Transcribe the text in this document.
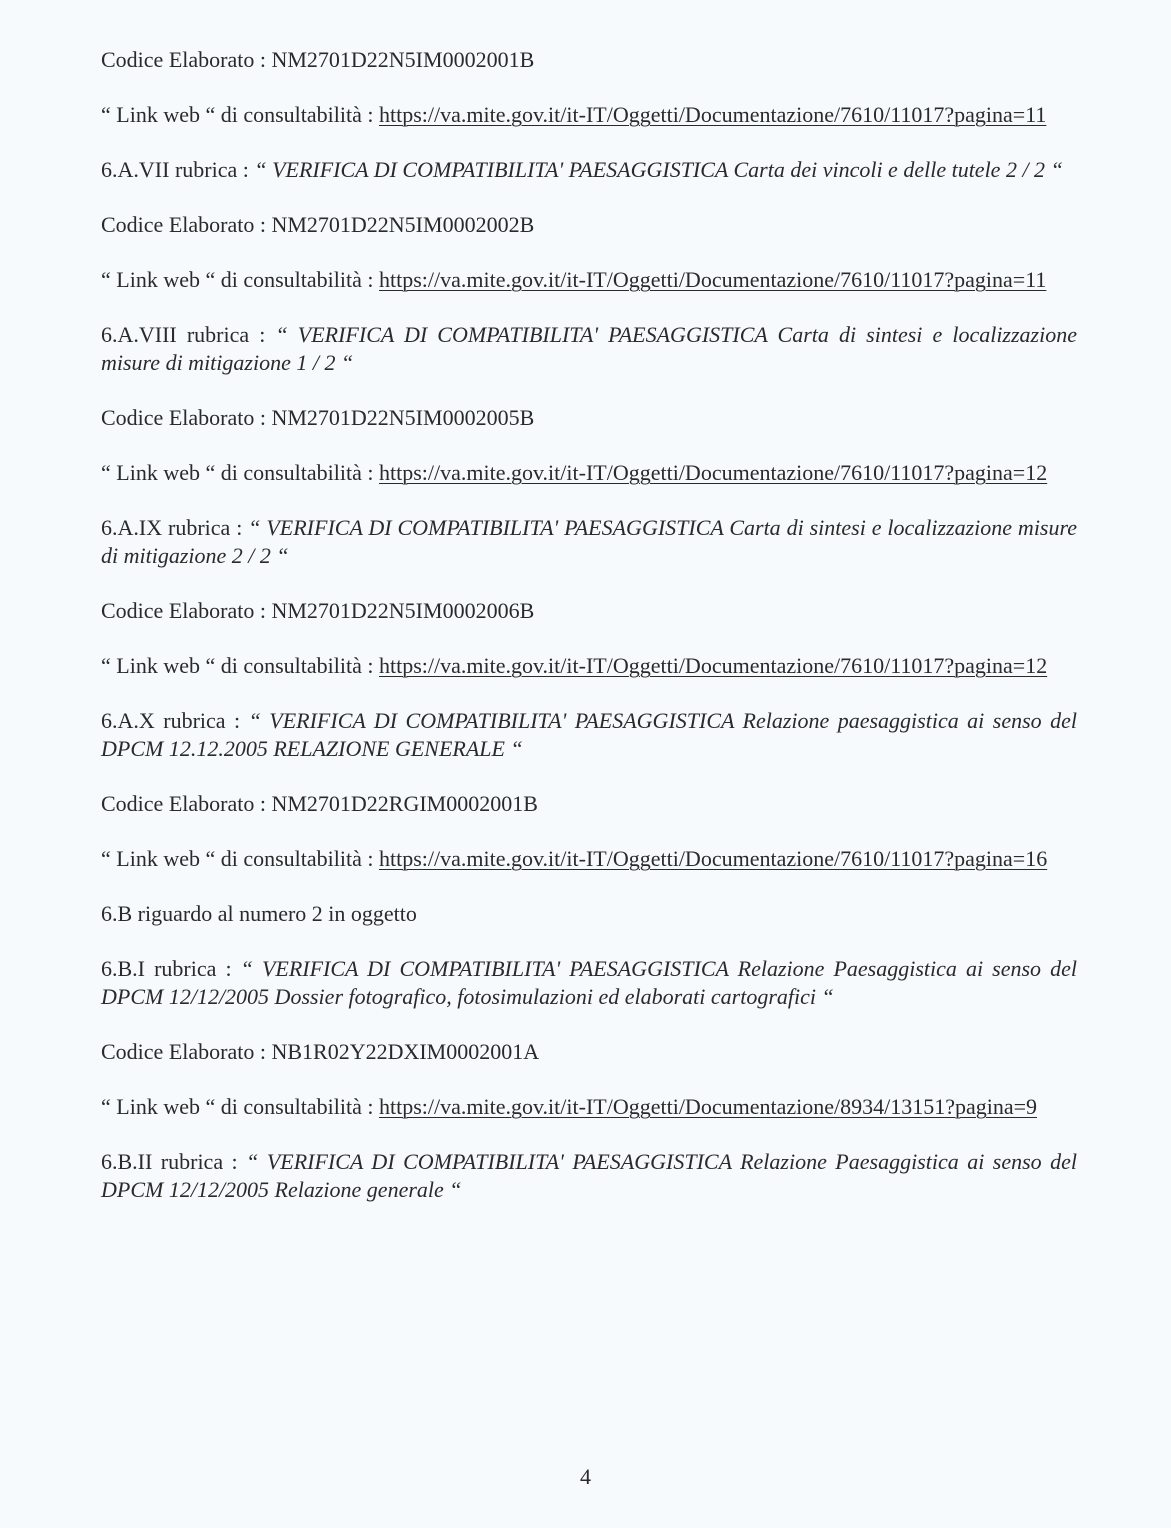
Codice Elaborato : NM2701D22N5IM0002001B

“ Link web “ di consultabilità : https://va.mite.gov.it/it-IT/Oggetti/Documentazione/7610/11017?pagina=11

6.A.VII rubrica : “ VERIFICA DI COMPATIBILITA' PAESAGGISTICA Carta dei vincoli e delle tutele 2 / 2 “

Codice Elaborato : NM2701D22N5IM0002002B

“ Link web “ di consultabilità : https://va.mite.gov.it/it-IT/Oggetti/Documentazione/7610/11017?pagina=11

6.A.VIII rubrica : “ VERIFICA DI COMPATIBILITA' PAESAGGISTICA Carta di sintesi e localizzazione misure di mitigazione 1 / 2 “

Codice Elaborato : NM2701D22N5IM0002005B

“ Link web “ di consultabilità : https://va.mite.gov.it/it-IT/Oggetti/Documentazione/7610/11017?pagina=12

6.A.IX rubrica : “ VERIFICA DI COMPATIBILITA' PAESAGGISTICA Carta di sintesi e localizzazione misure di mitigazione 2 / 2 “

Codice Elaborato : NM2701D22N5IM0002006B

“ Link web “ di consultabilità : https://va.mite.gov.it/it-IT/Oggetti/Documentazione/7610/11017?pagina=12

6.A.X rubrica : “ VERIFICA DI COMPATIBILITA' PAESAGGISTICA Relazione paesaggistica ai senso del DPCM 12.12.2005 RELAZIONE GENERALE “

Codice Elaborato : NM2701D22RGIM0002001B

“ Link web “ di consultabilità : https://va.mite.gov.it/it-IT/Oggetti/Documentazione/7610/11017?pagina=16

6.B riguardo al numero 2 in oggetto

6.B.I rubrica : “ VERIFICA DI COMPATIBILITA' PAESAGGISTICA Relazione Paesaggistica ai senso del DPCM 12/12/2005 Dossier fotografico, fotosimulazioni ed elaborati cartografici “

Codice Elaborato : NB1R02Y22DXIM0002001A

“ Link web “ di consultabilità : https://va.mite.gov.it/it-IT/Oggetti/Documentazione/8934/13151?pagina=9

6.B.II rubrica : “ VERIFICA DI COMPATIBILITA' PAESAGGISTICA Relazione Paesaggistica ai senso del DPCM 12/12/2005 Relazione generale “

4
